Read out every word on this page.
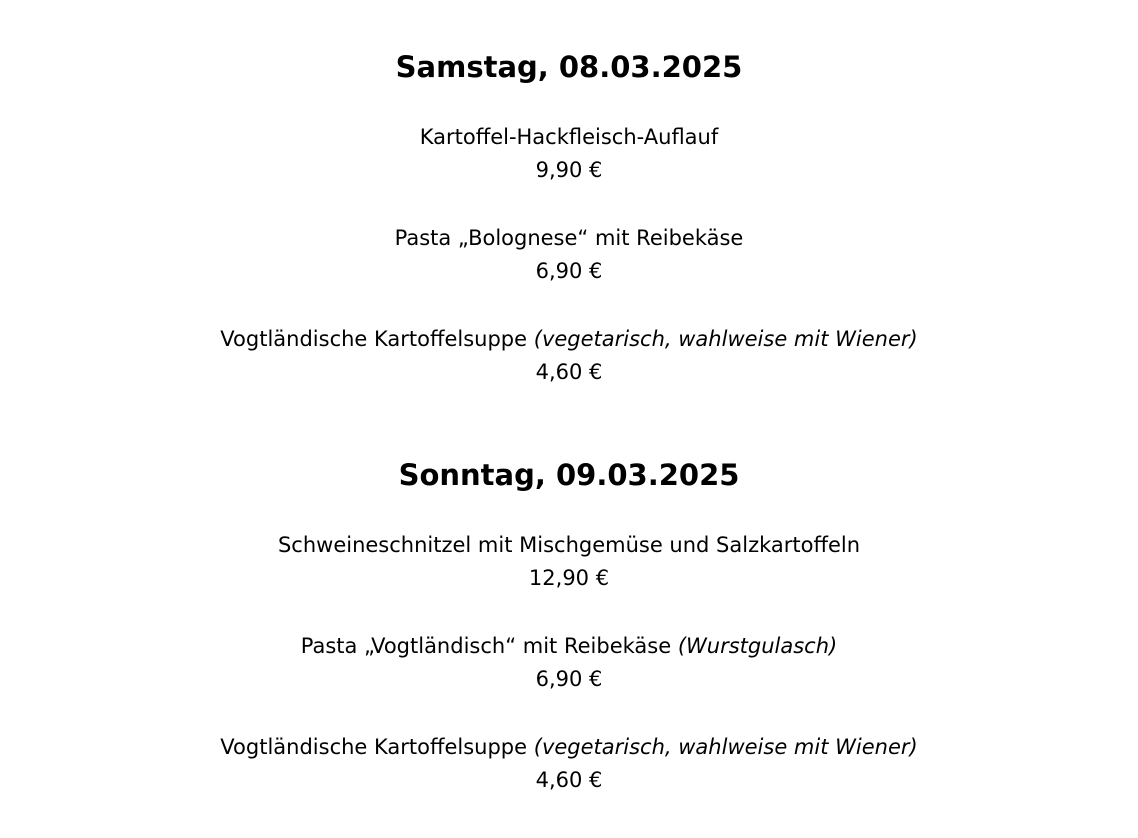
Samstag, 08.03.2025
Kartoffel-Hackfleisch-Auflauf
9,90 €
Pasta „Bolognese“ mit Reibekäse
6,90 €
Vogtländische Kartoffelsuppe (vegetarisch, wahlweise mit Wiener)
4,60 €
Sonntag, 09.03.2025
Schweineschnitzel mit Mischgemüse und Salzkartoffeln
12,90 €
Pasta „Vogtländisch“ mit Reibekäse (Wurstgulasch)
6,90 €
Vogtländische Kartoffelsuppe (vegetarisch, wahlweise mit Wiener)
4,60 €
